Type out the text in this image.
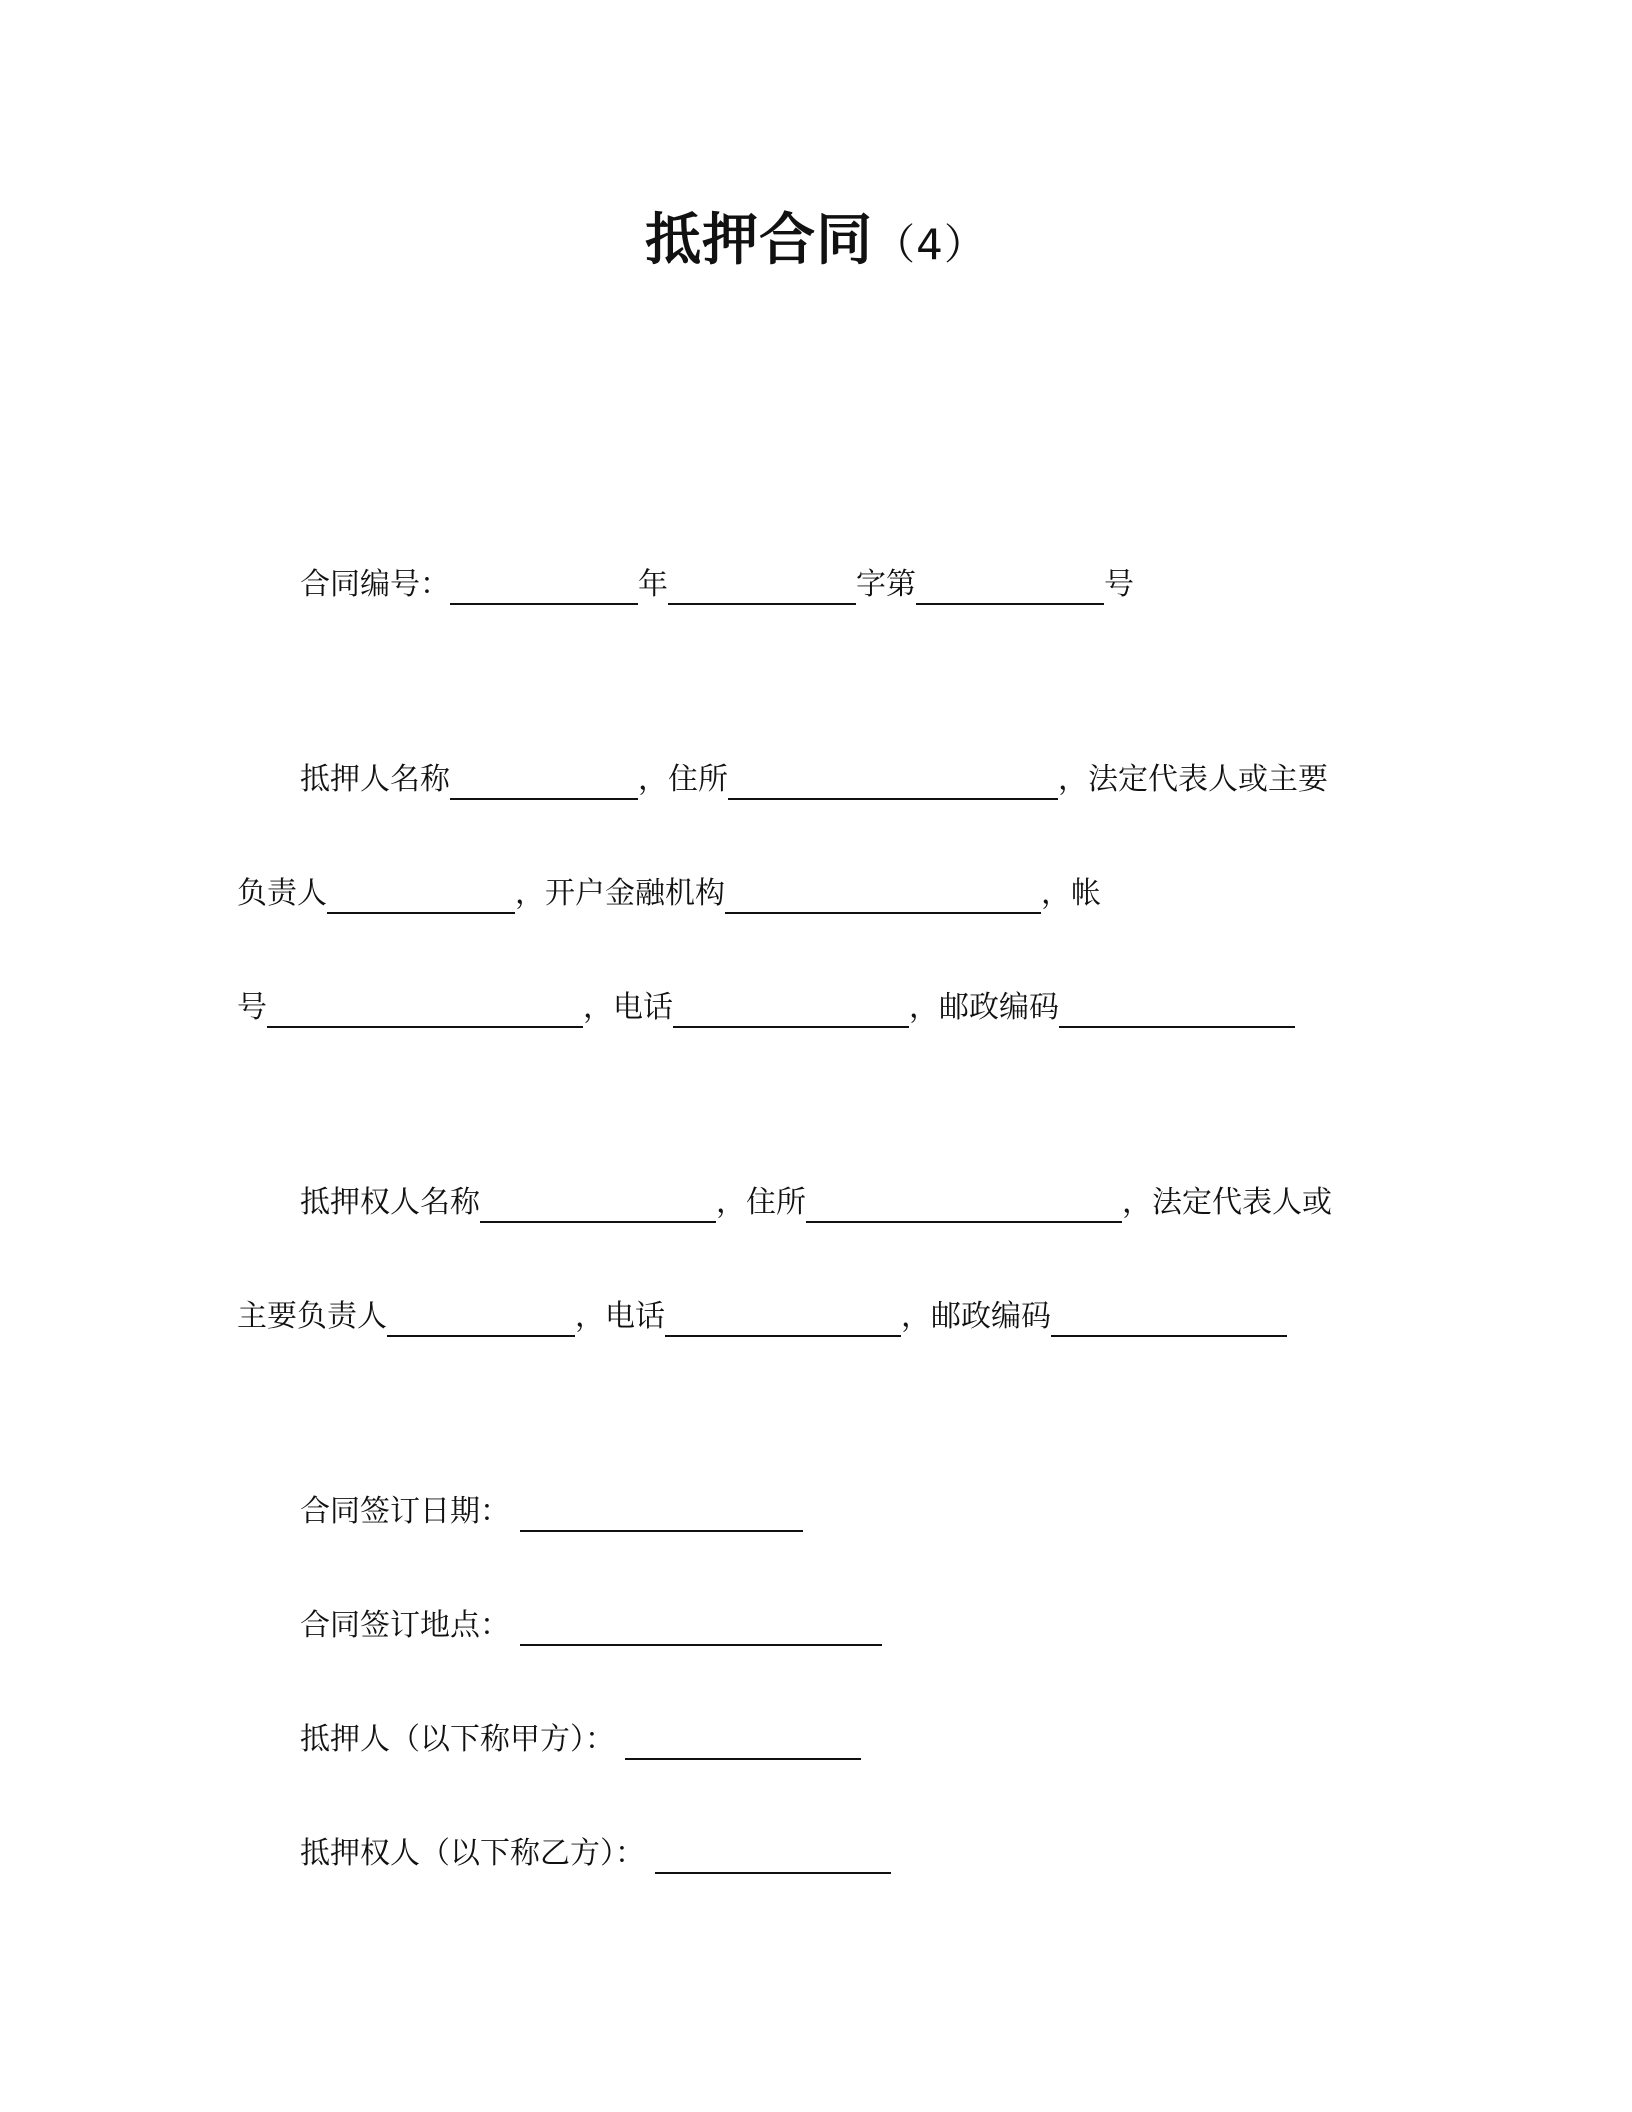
抵押合同（4）
合同编号：	年	字第	号
抵押人名称	，住所	，法定代表人或主要
负责人	，开户金融机构	，帐
号	，电话	，邮政编码
抵押权人名称	，住所	，法定代表人或
主要负责人	，电话	，邮政编码
合同签订日期：
合同签订地点：
抵押人（以下称甲方）：
抵押权人（以下称乙方）：
